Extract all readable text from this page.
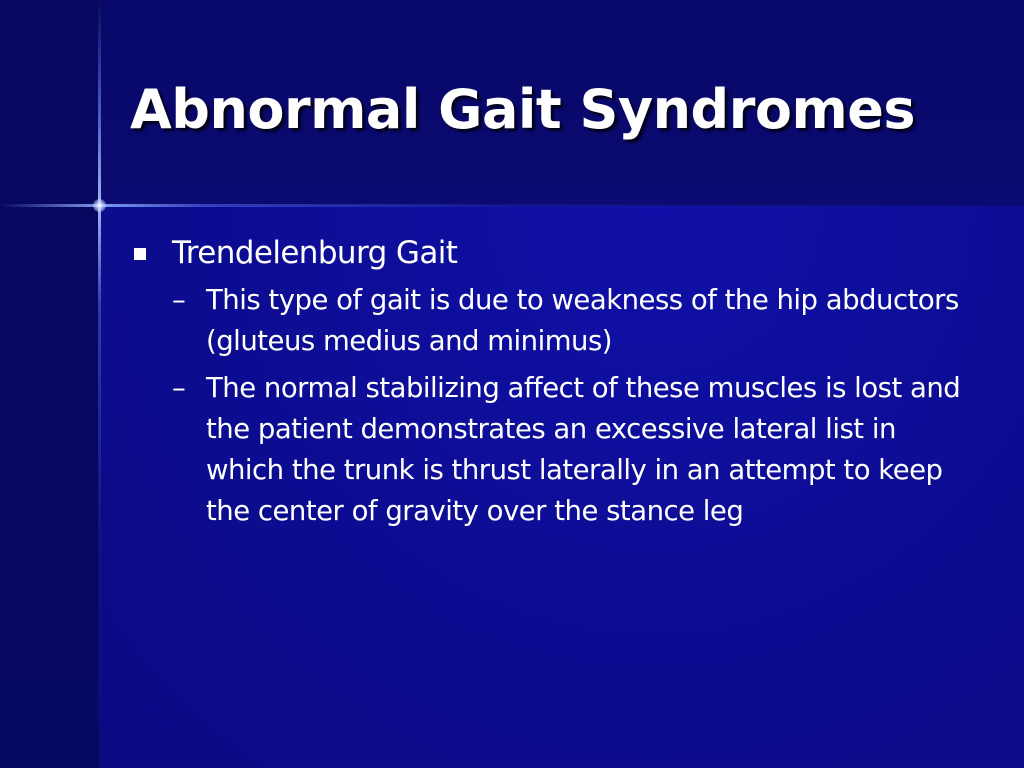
Abnormal Gait Syndromes
Trendelenburg Gait
– This type of gait is due to weakness of the hip abductors (gluteus medius and minimus)
– The normal stabilizing affect of these muscles is lost and the patient demonstrates an excessive lateral list in which the trunk is thrust laterally in an attempt to keep the center of gravity over the stance leg
